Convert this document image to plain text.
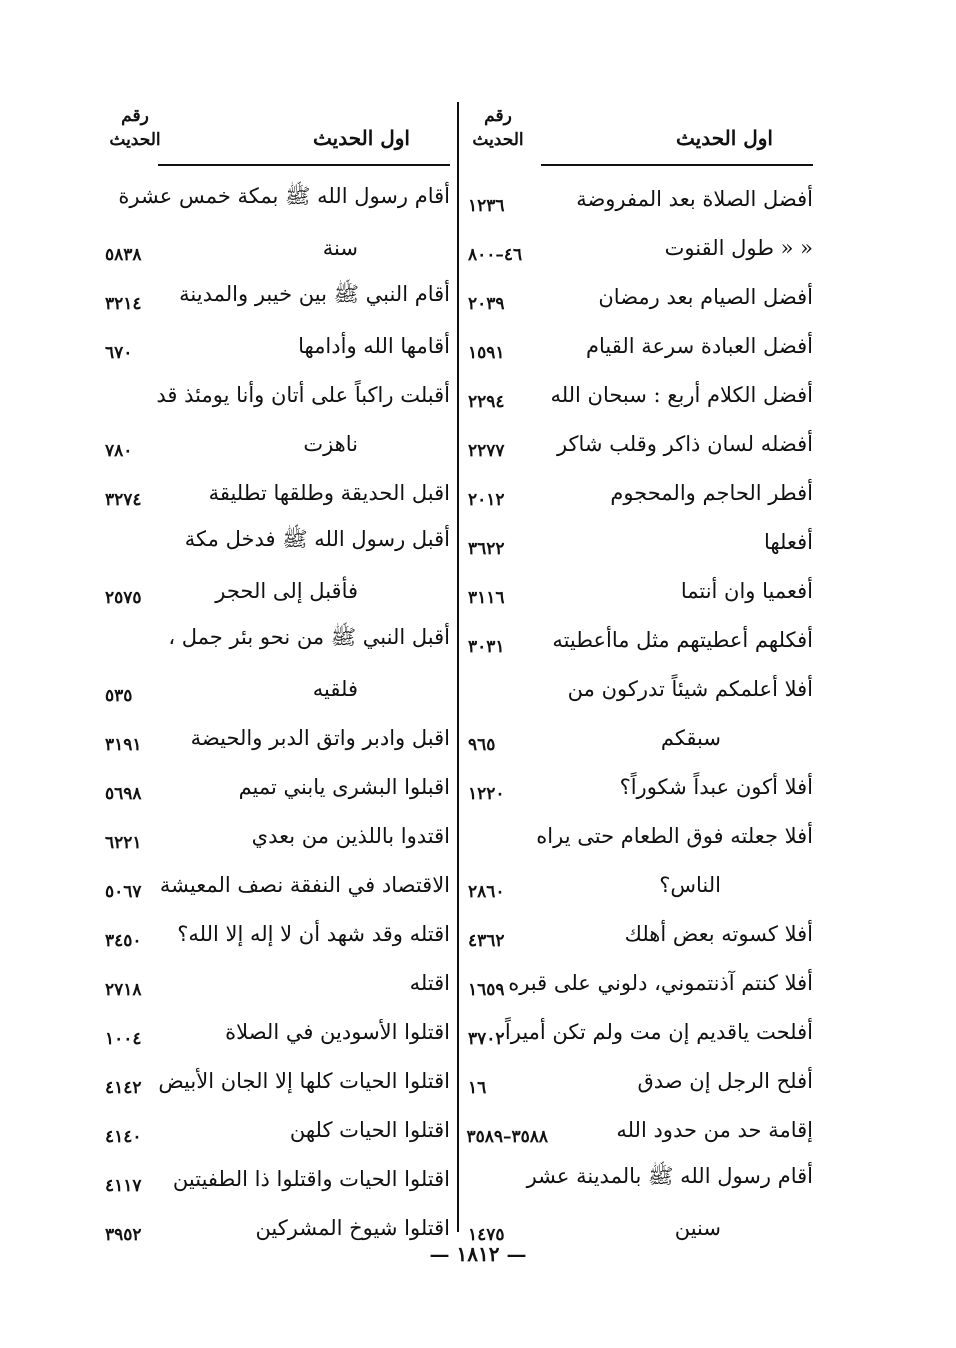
اول الحديث
رقم الحديث
أفضل الصلاة بعد المفروضة
١٢٣٦
« « طول القنوت
٤٦–٨٠٠
أفضل الصيام بعد رمضان
٢٠٣٩
أفضل العبادة سرعة القيام
١٥٩١
أفضل الكلام أربع : سبحان الله
٢٢٩٤
أفضله لسان ذاكر وقلب شاكر
٢٢٧٧
أفطر الحاجم والمحجوم
٢٠١٢
أفعلها
٣٦٢٢
أفعميا وان أنتما
٣١١٦
أفكلهم أعطيتهم مثل ماأعطيته
٣٠٣١
أفلا أعلمكم شيئاً تدركون من
سبقكم
٩٦٥
أفلا أكون عبداً شكوراً؟
١٢٢٠
أفلا جعلته فوق الطعام حتى يراه
الناس؟
٢٨٦٠
أفلا كسوته بعض أهلك
٤٣٦٢
أفلا كنتم آذنتموني، دلوني على قبره
١٦٥٩
أفلحت ياقديم إن مت ولم تكن أميراً
٣٧٠٢
أفلح الرجل إن صدق
١٦
إقامة حد من حدود الله
٣٥٨٨–٣٥٨٩
أقام رسول الله ﷺ بالمدينة عشر
سنين
١٤٧٥
اول الحديث
رقم الحديث
أقام رسول الله ﷺ بمكة خمس عشرة
سنة
٥٨٣٨
أقام النبي ﷺ بين خيبر والمدينة
٣٢١٤
أقامها الله وأدامها
٦٧٠
أقبلت راكباً على أتان وأنا يومئذ قد
ناهزت
٧٨٠
اقبل الحديقة وطلقها تطليقة
٣٢٧٤
أقبل رسول الله ﷺ فدخل مكة
فأقبل إلى الحجر
٢٥٧٥
أقبل النبي ﷺ من نحو بئر جمل ،
فلقيه
٥٣٥
اقبل وادبر واتق الدبر والحيضة
٣١٩١
اقبلوا البشرى يابني تميم
٥٦٩٨
اقتدوا باللذين من بعدي
٦٢٢١
الاقتصاد في النفقة نصف المعيشة
٥٠٦٧
اقتله وقد شهد أن لا إله إلا الله؟
٣٤٥٠
اقتله
٢٧١٨
اقتلوا الأسودين في الصلاة
١٠٠٤
اقتلوا الحيات كلها إلا الجان الأبيض
٤١٤٢
اقتلوا الحيات كلهن
٤١٤٠
اقتلوا الحيات واقتلوا ذا الطفيتين
٤١١٧
اقتلوا شيوخ المشركين
٣٩٥٢
— ١٨١٢ —
